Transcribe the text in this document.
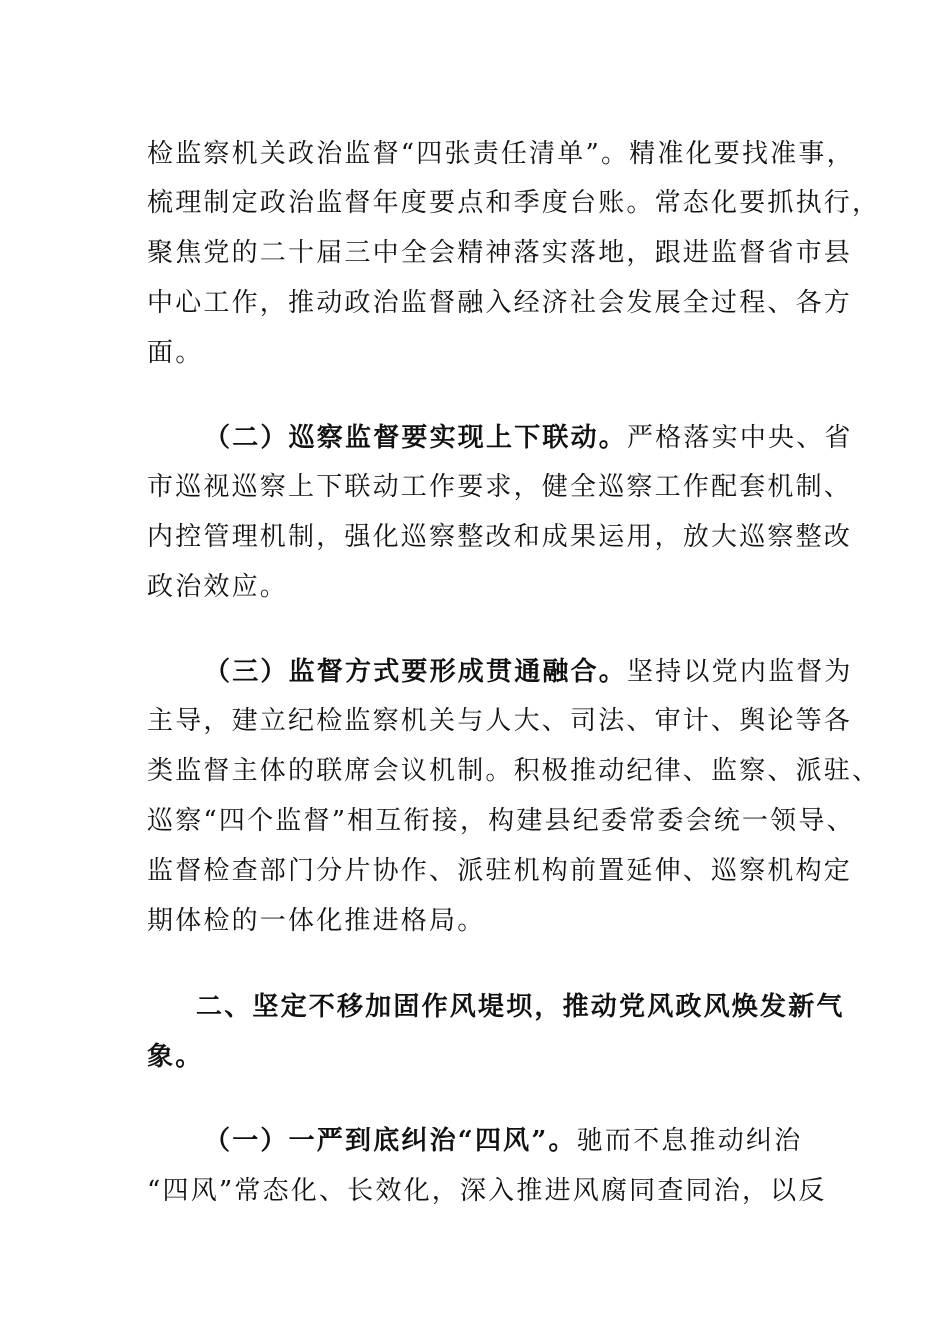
检监察机关政治监督“四张责任清单”。精准化要找准事，
梳理制定政治监督年度要点和季度台账。常态化要抓执行，
聚焦党的二十届三中全会精神落实落地，跟进监督省市县
中心工作，推动政治监督融入经济社会发展全过程、各方
面。
（二）巡察监督要实现上下联动。严格落实中央、省
市巡视巡察上下联动工作要求，健全巡察工作配套机制、
内控管理机制，强化巡察整改和成果运用，放大巡察整改
政治效应。
（三）监督方式要形成贯通融合。坚持以党内监督为
主导，建立纪检监察机关与人大、司法、审计、舆论等各
类监督主体的联席会议机制。积极推动纪律、监察、派驻、
巡察“四个监督”相互衔接，构建县纪委常委会统一领导、
监督检查部门分片协作、派驻机构前置延伸、巡察机构定
期体检的一体化推进格局。
二、坚定不移加固作风堤坝，推动党风政风焕发新气
象。
（一）一严到底纠治“四风”。驰而不息推动纠治
“四风”常态化、长效化，深入推进风腐同查同治，以反
